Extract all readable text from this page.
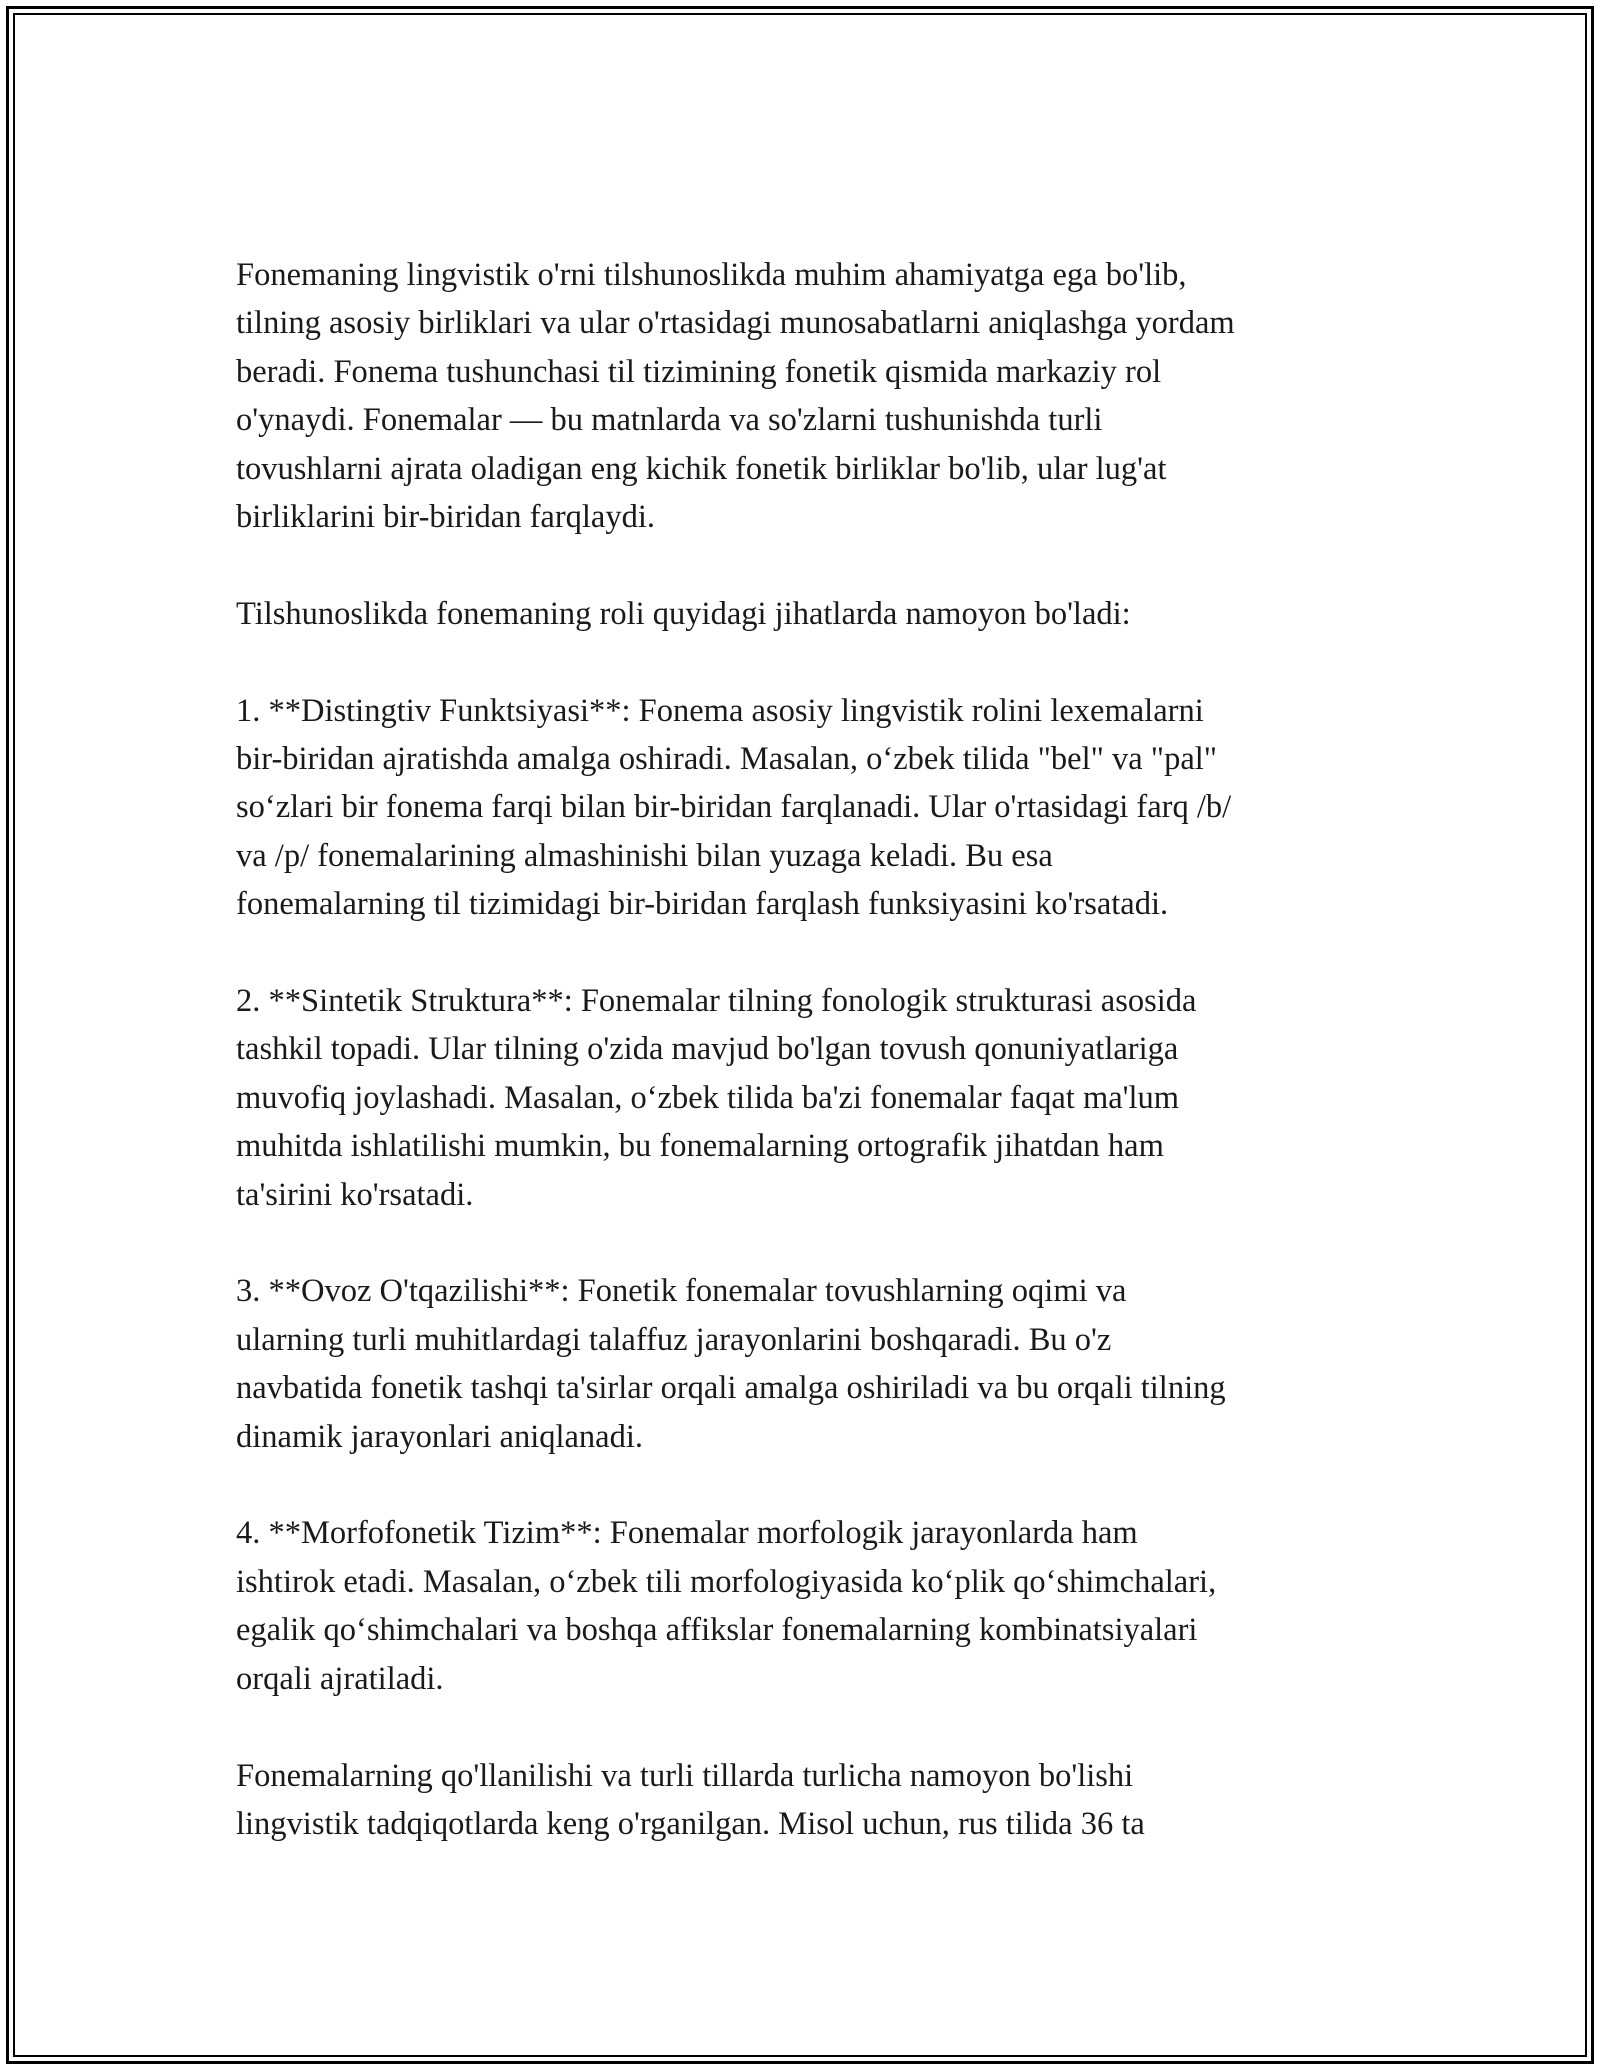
Fonemaning lingvistik o'rni tilshunoslikda muhim ahamiyatga ega bo'lib,
tilning asosiy birliklari va ular o'rtasidagi munosabatlarni aniqlashga yordam
beradi. Fonema tushunchasi til tizimining fonetik qismida markaziy rol
o'ynaydi. Fonemalar — bu matnlarda va so'zlarni tushunishda turli
tovushlarni ajrata oladigan eng kichik fonetik birliklar bo'lib, ular lug'at
birliklarini bir-biridan farqlaydi.

Tilshunoslikda fonemaning roli quyidagi jihatlarda namoyon bo'ladi:

1. **Distingtiv Funktsiyasi**: Fonema asosiy lingvistik rolini lexemalarni
bir-biridan ajratishda amalga oshiradi. Masalan, o‘zbek tilida "bel" va "pal"
so‘zlari bir fonema farqi bilan bir-biridan farqlanadi. Ular o'rtasidagi farq /b/
va /p/ fonemalarining almashinishi bilan yuzaga keladi. Bu esa
fonemalarning til tizimidagi bir-biridan farqlash funksiyasini ko'rsatadi.

2. **Sintetik Struktura**: Fonemalar tilning fonologik strukturasi asosida
tashkil topadi. Ular tilning o'zida mavjud bo'lgan tovush qonuniyatlariga
muvofiq joylashadi. Masalan, o‘zbek tilida ba'zi fonemalar faqat ma'lum
muhitda ishlatilishi mumkin, bu fonemalarning ortografik jihatdan ham
ta'sirini ko'rsatadi.

3. **Ovoz O'tqazilishi**: Fonetik fonemalar tovushlarning oqimi va
ularning turli muhitlardagi talaffuz jarayonlarini boshqaradi. Bu o'z
navbatida fonetik tashqi ta'sirlar orqali amalga oshiriladi va bu orqali tilning
dinamik jarayonlari aniqlanadi.

4. **Morfofonetik Tizim**: Fonemalar morfologik jarayonlarda ham
ishtirok etadi. Masalan, o‘zbek tili morfologiyasida ko‘plik qo‘shimchalari,
egalik qo‘shimchalari va boshqa affikslar fonemalarning kombinatsiyalari
orqali ajratiladi.

Fonemalarning qo'llanilishi va turli tillarda turlicha namoyon bo'lishi
lingvistik tadqiqotlarda keng o'rganilgan. Misol uchun, rus tilida 36 ta
